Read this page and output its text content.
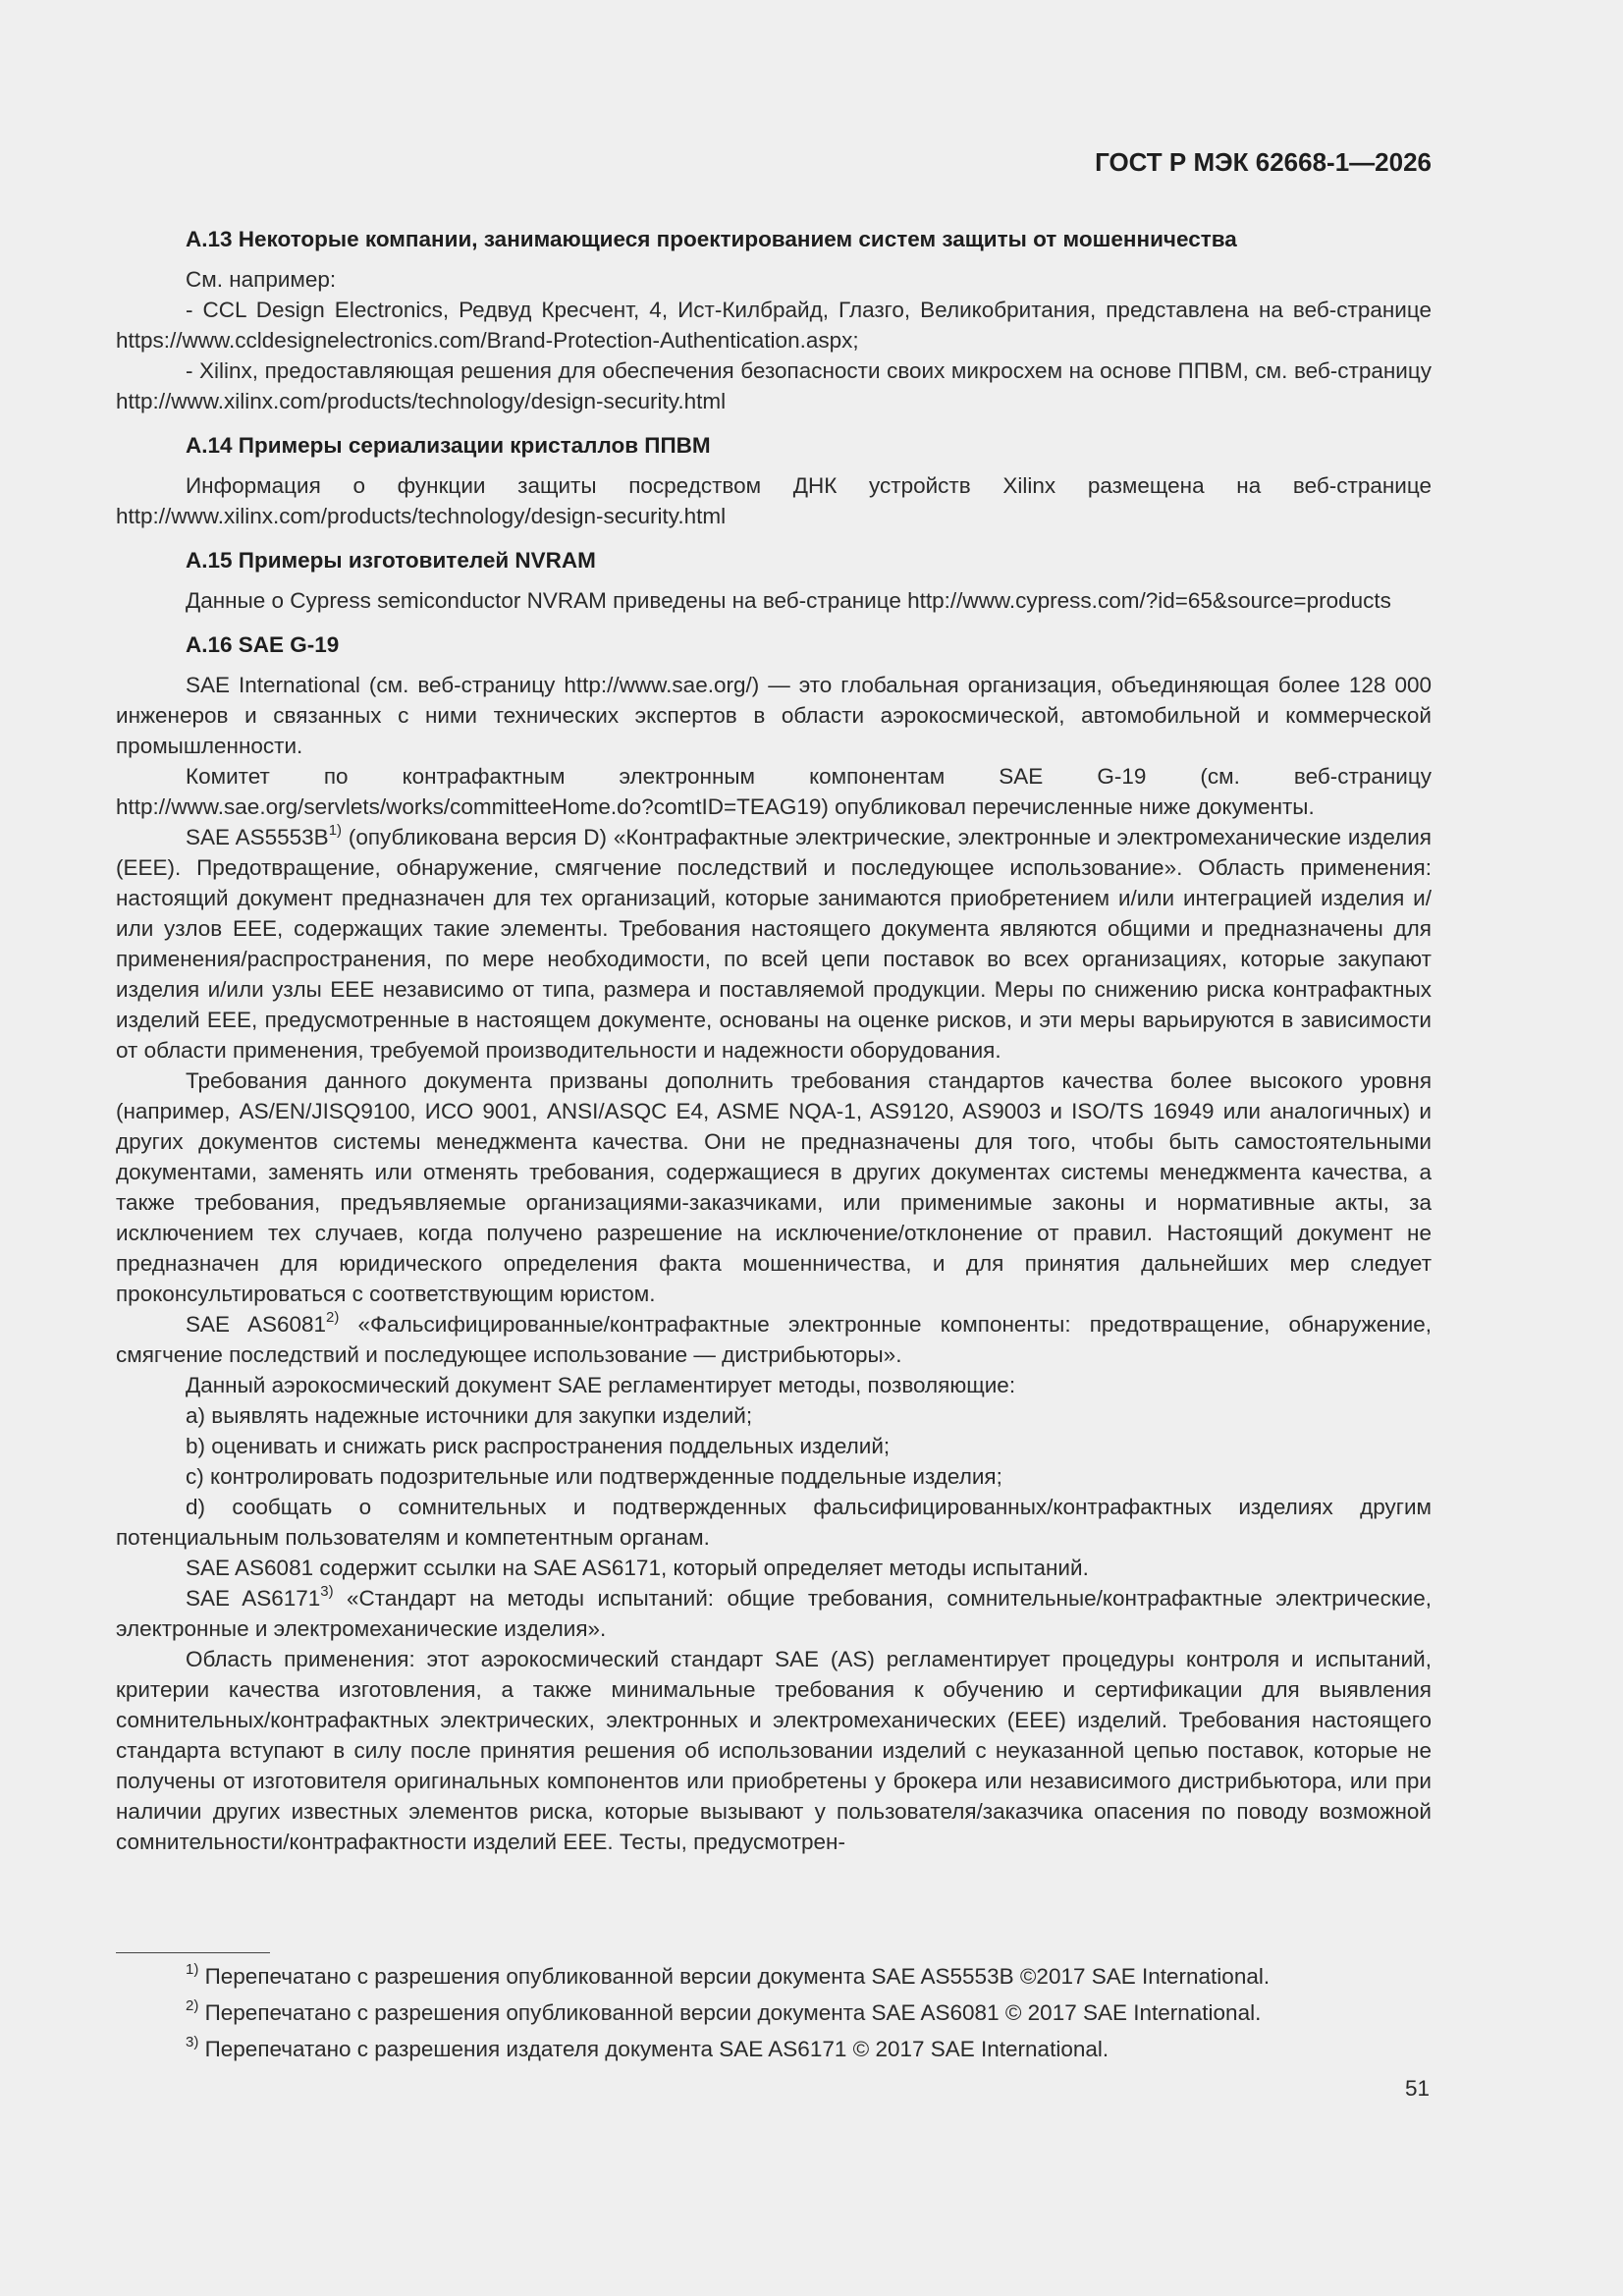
ГОСТ Р МЭК 62668-1—2026
A.13 Некоторые компании, занимающиеся проектированием систем защиты от мошенничества

См. например:

- CCL Design Electronics, Редвуд Кресчент, 4, Ист-Килбрайд, Глазго, Великобритания, представлена на веб-странице https://www.ccldesignelectronics.com/Brand-Protection-Authentication.aspx;

- Xilinx, предоставляющая решения для обеспечения безопасности своих микросхем на основе ППВМ, см. веб-страницу http://www.xilinx.com/products/technology/design-security.html

A.14 Примеры сериализации кристаллов ППВМ

Информация о функции защиты посредством ДНК устройств Xilinx размещена на веб-странице http://www.xilinx.com/products/technology/design-security.html

A.15 Примеры изготовителей NVRAM

Данные о Cypress semiconductor NVRAM приведены на веб-странице http://www.cypress.com/?id=65&source=products

A.16 SAE G-19

SAE International (см. веб-страницу http://www.sae.org/) — это глобальная организация, объединяющая более 128 000 инженеров и связанных с ними технических экспертов в области аэрокосмической, автомобильной и коммерческой промышленности.

Комитет по контрафактным электронным компонентам SAE G-19 (см. веб-страницу http://www.sae.org/servlets/works/committeeHome.do?comtID=TEAG19) опубликовал перечисленные ниже документы.

SAE $AS5553B^{1)}$ (опубликована версия D) «Контрафактные электрические, электронные и электромеханические изделия (EEE). Предотвращение, обнаружение, смягчение последствий и последующее использование». Область применения: настоящий документ предназначен для тех организаций, которые занимаются приобретением и/или интеграцией изделия и/или узлов EEE, содержащих такие элементы. Требования настоящего документа являются общими и предназначены для применения/распространения, по мере необходимости, по всей цепи поставок во всех организациях, которые закупают изделия и/или узлы EEE независимо от типа, размера и поставляемой продукции. Меры по снижению риска контрафактных изделий EEE, предусмотренные в настоящем документе, основаны на оценке рисков, и эти меры варьируются в зависимости от области применения, требуемой производительности и надежности оборудования.

Требования данного документа призваны дополнить требования стандартов качества более высокого уровня (например, AS/EN/JISQ9100, ИСО 9001, ANSI/ASQC E4, ASME NQA-1, AS9120, AS9003 и ISO/TS 16949 или аналогичных) и других документов системы менеджмента качества. Они не предназначены для того, чтобы быть самостоятельными документами, заменять или отменять требования, содержащиеся в других документах системы менеджмента качества, а также требования, предъявляемые организациями-заказчиками, или применимые законы и нормативные акты, за исключением тех случаев, когда получено разрешение на исключение/отклонение от правил. Настоящий документ не предназначен для юридического определения факта мошенничества, и для принятия дальнейших мер следует проконсультироваться с соответствующим юристом.

SAE AS6081$^{2)}$ «Фальсифицированные/контрафактные электронные компоненты: предотвращение, обнаружение, смягчение последствий и последующее использование — дистрибьюторы».

Данный аэрокосмический документ SAE регламентирует методы, позволяющие:

a) выявлять надежные источники для закупки изделий;

b) оценивать и снижать риск распространения поддельных изделий;

c) контролировать подозрительные или подтвержденные поддельные изделия;

d) сообщать о сомнительных и подтвержденных фальсифицированных/контрафактных изделиях другим потенциальным пользователям и компетентным органам.

SAE AS6081 содержит ссылки на SAE AS6171, который определяет методы испытаний.

SAE AS6171$^{3)}$ «Стандарт на методы испытаний: общие требования, сомнительные/контрафактные электрические, электронные и электромеханические изделия».

Область применения: этот аэрокосмический стандарт SAE (AS) регламентирует процедуры контроля и испытаний, критерии качества изготовления, а также минимальные требования к обучению и сертификации для выявления сомнительных/контрафактных электрических, электронных и электромеханических (EEE) изделий. Требования настоящего стандарта вступают в силу после принятия решения об использовании изделий с неуказанной цепью поставок, которые не получены от изготовителя оригинальных компонентов или приобретены у брокера или независимого дистрибьютора, или при наличии других известных элементов риска, которые вызывают у пользователя/заказчика опасения по поводу возможной сомнительности/контрафактности изделий EEE. Тесты, предусмотрен-

$^{1)}$ Перепечатано с разрешения опубликованной версии документа SAE AS5553B ©2017 SAE International.

$^{2)}$ Перепечатано с разрешения опубликованной версии документа SAE AS6081 © 2017 SAE International.

$^{3)}$ Перепечатано с разрешения издателя документа SAE AS6171 © 2017 SAE International.

51
